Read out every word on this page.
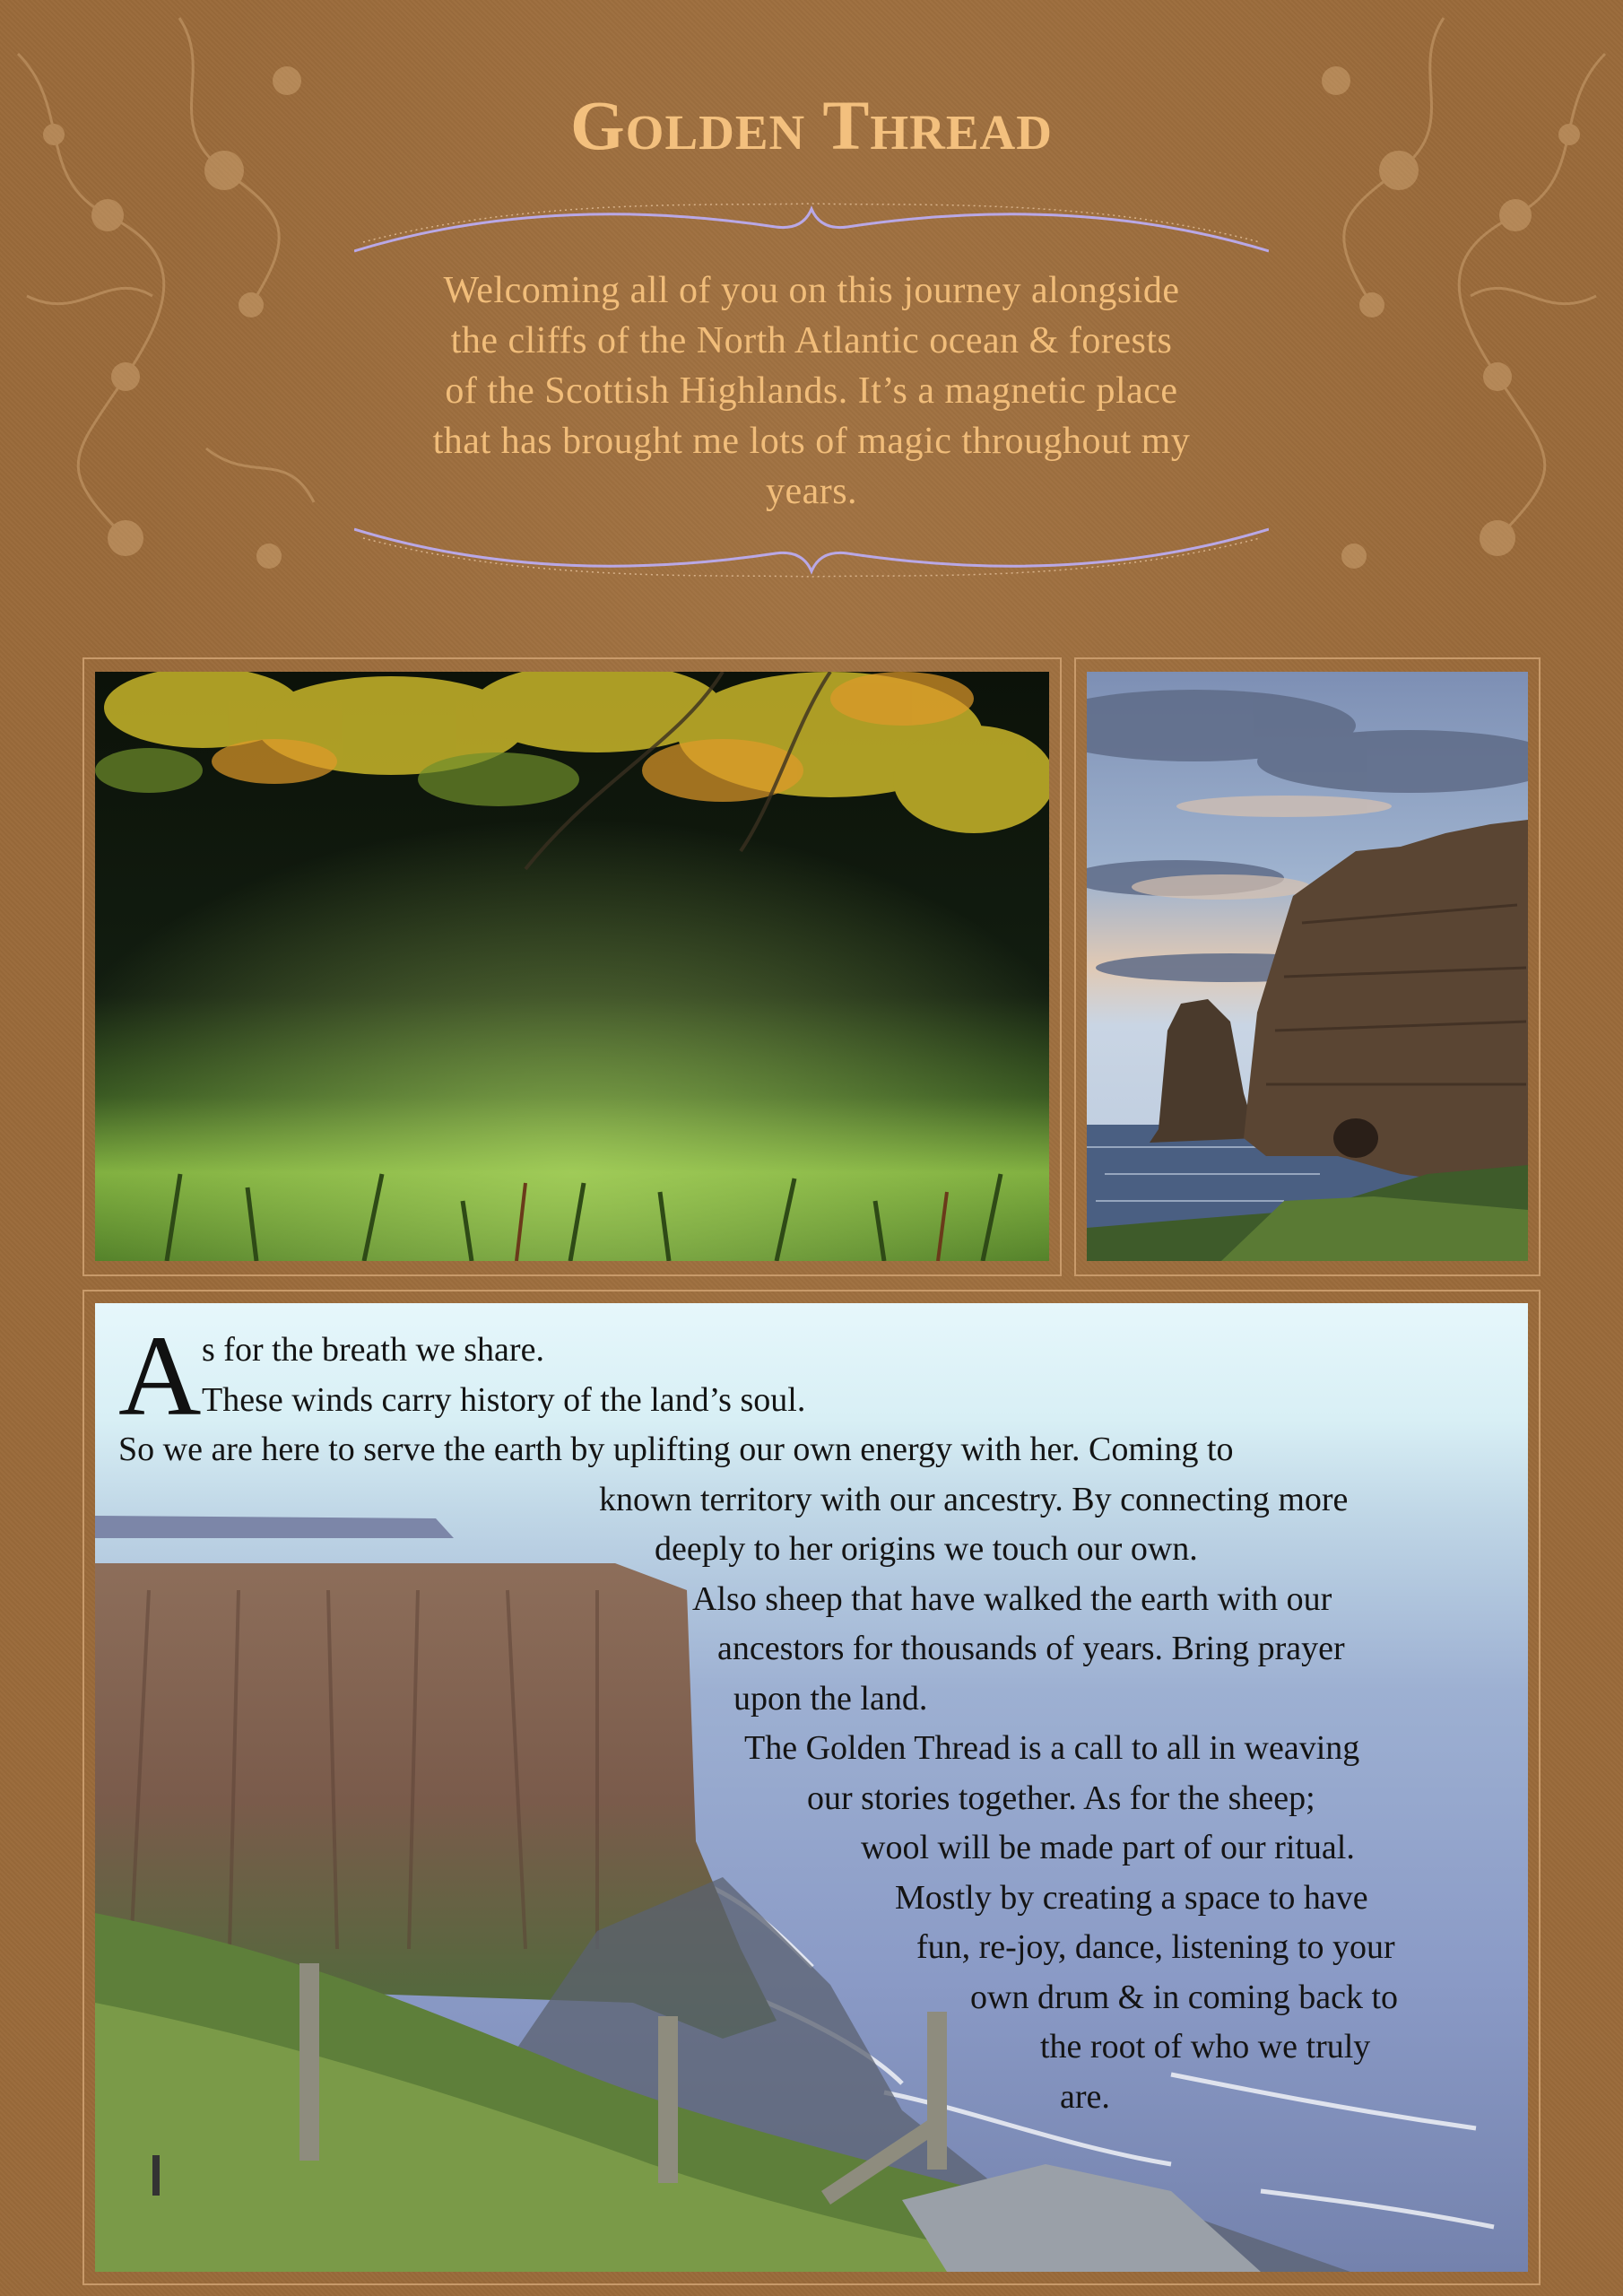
Golden Thread
Welcoming all of you on this journey alongside
the cliffs of the North Atlantic ocean & forests
of the Scottish Highlands. It’s a magnetic place
that has brought me lots of magic throughout my
years.
A s for the breath we share.
These winds carry history of the land’s soul.
So we are here to serve the earth by uplifting our own energy with her. Coming to
known territory with our ancestry. By connecting more
deeply to her origins we touch our own.
Also sheep that have walked the earth with our
ancestors for thousands of years. Bring prayer
upon the land.
The Golden Thread is a call to all in weaving
our stories together. As for the sheep;
wool will be made part of our ritual.
Mostly by creating a space to have
fun, re-joy, dance, listening to your
own drum & in coming back to
the root of who we truly
are.
